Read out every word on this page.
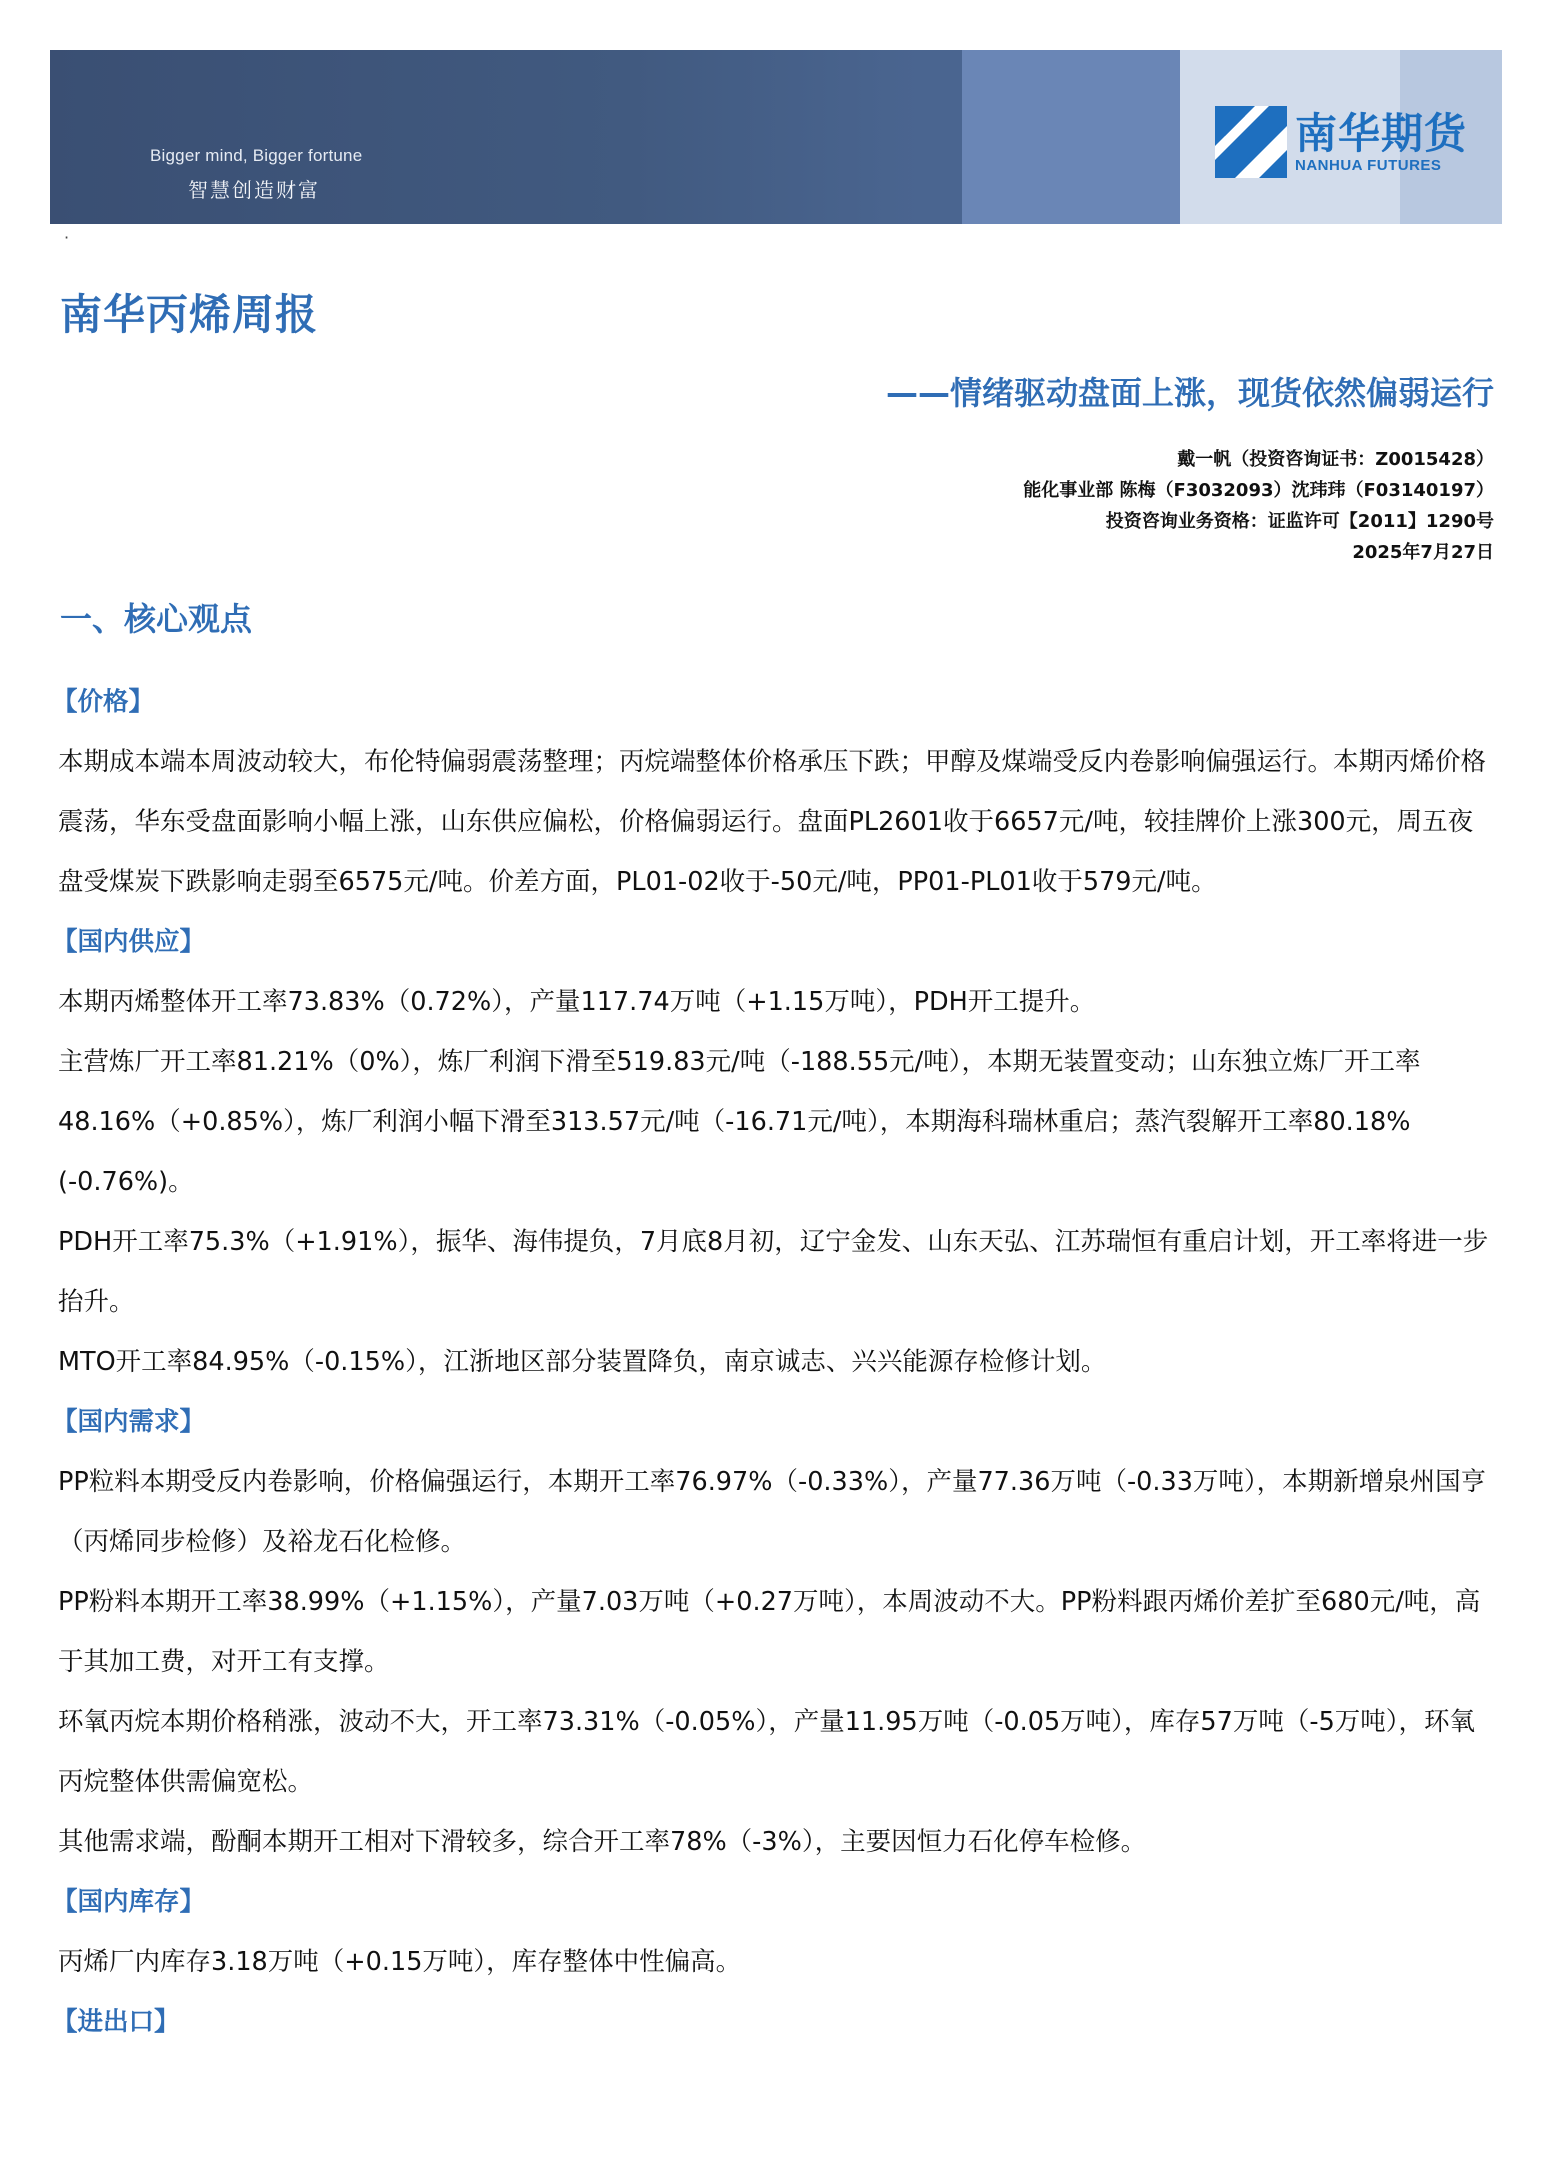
Bigger mind, Bigger fortune
智慧创造财富
南华期货
NANHUA FUTURES
·
南华丙烯周报
——情绪驱动盘面上涨，现货依然偏弱运行
戴一帆（投资咨询证书：Z0015428）
能化事业部 陈梅（F3032093）沈玮玮（F03140197）
投资咨询业务资格：证监许可【2011】1290号
2025年7月27日
一、核心观点

【价格】

本期成本端本周波动较大，布伦特偏弱震荡整理；丙烷端整体价格承压下跌；甲醇及煤端受反内卷影响偏强运行。本期丙烯价格震荡，华东受盘面影响小幅上涨，山东供应偏松，价格偏弱运行。盘面PL2601收于6657元/吨，较挂牌价上涨300元，周五夜盘受煤炭下跌影响走弱至6575元/吨。价差方面，PL01-02收于-50元/吨，PP01-PL01收于579元/吨。

【国内供应】

本期丙烯整体开工率73.83%（0.72%），产量117.74万吨（+1.15万吨），PDH开工提升。

主营炼厂开工率81.21%（0%），炼厂利润下滑至519.83元/吨（-188.55元/吨），本期无装置变动；山东独立炼厂开工率48.16%（+0.85%），炼厂利润小幅下滑至313.57元/吨（-16.71元/吨），本期海科瑞林重启；蒸汽裂解开工率80.18%(-0.76%)。

PDH开工率75.3%（+1.91%），振华、海伟提负，7月底8月初，辽宁金发、山东天弘、江苏瑞恒有重启计划，开工率将进一步抬升。

MTO开工率84.95%（-0.15%），江浙地区部分装置降负，南京诚志、兴兴能源存检修计划。

【国内需求】

PP粒料本期受反内卷影响，价格偏强运行，本期开工率76.97%（-0.33%），产量77.36万吨（-0.33万吨），本期新增泉州国亨（丙烯同步检修）及裕龙石化检修。

PP粉料本期开工率38.99%（+1.15%），产量7.03万吨（+0.27万吨），本周波动不大。PP粉料跟丙烯价差扩至680元/吨，高于其加工费，对开工有支撑。

环氧丙烷本期价格稍涨，波动不大，开工率73.31%（-0.05%），产量11.95万吨（-0.05万吨），库存57万吨（-5万吨），环氧丙烷整体供需偏宽松。

其他需求端，酚酮本期开工相对下滑较多，综合开工率78%（-3%），主要因恒力石化停车检修。

【国内库存】

丙烯厂内库存3.18万吨（+0.15万吨），库存整体中性偏高。

【进出口】
